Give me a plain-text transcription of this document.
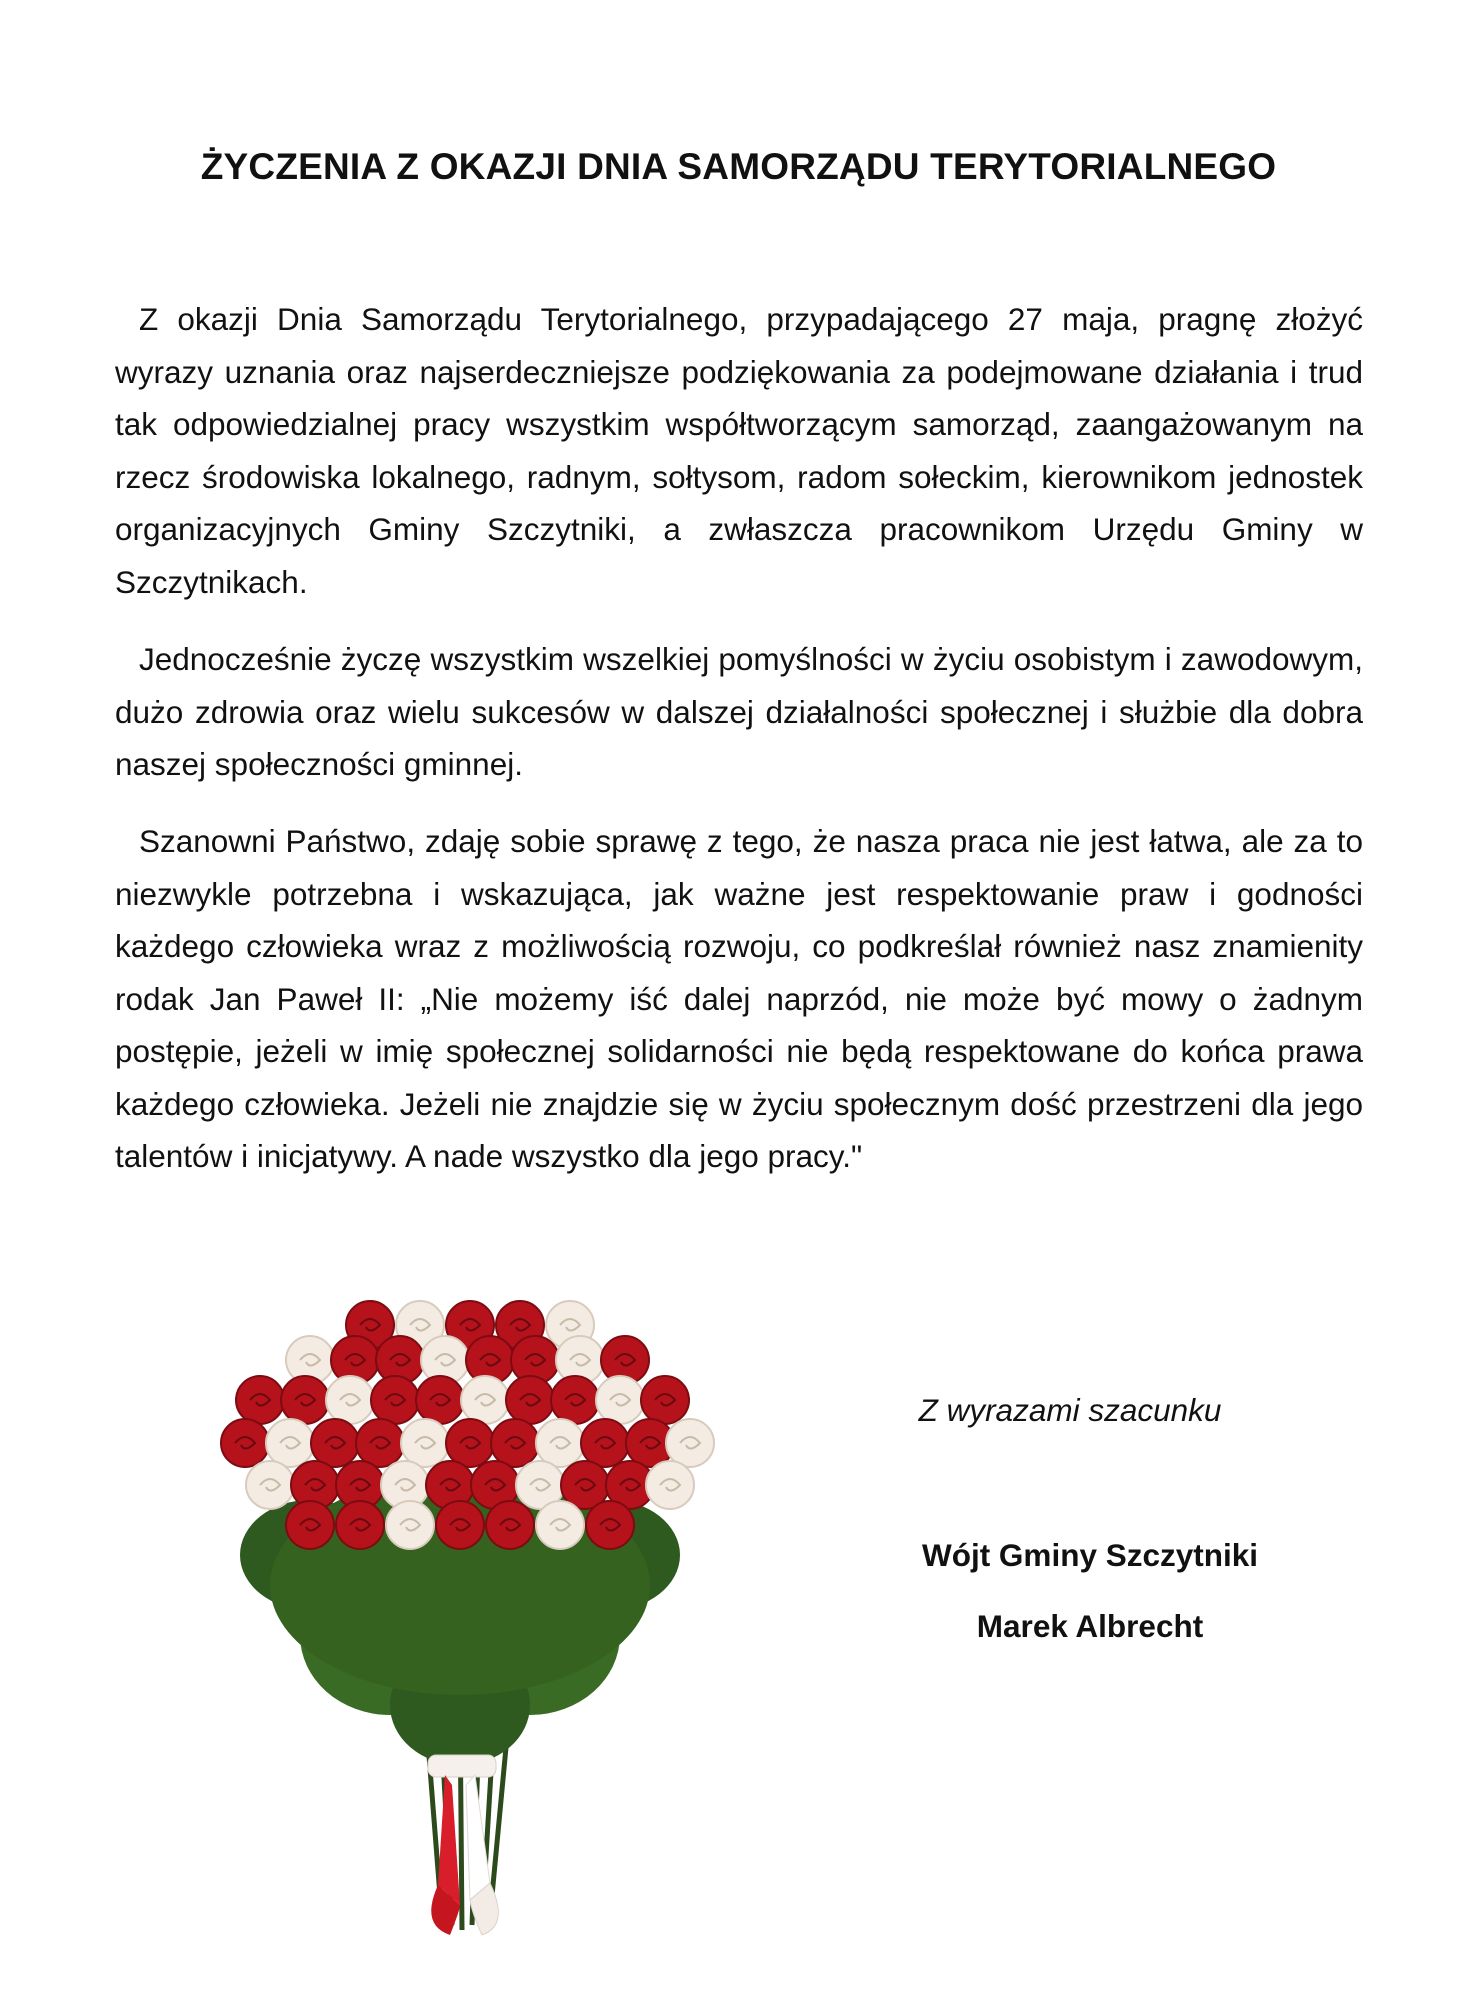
ŻYCZENIA Z OKAZJI DNIA SAMORZĄDU TERYTORIALNEGO

Z okazji Dnia Samorządu Terytorialnego, przypadającego 27 maja, pragnę złożyć wyrazy uznania oraz najserdeczniejsze podziękowania za podejmowane działania i trud tak odpowiedzialnej pracy wszystkim współtworzącym samorząd, zaangażowanym na rzecz środowiska lokalnego, radnym, sołtysom, radom sołeckim, kierownikom jednostek organizacyjnych Gminy Szczytniki, a zwłaszcza pracownikom Urzędu Gminy w Szczytnikach.

Jednocześnie życzę wszystkim wszelkiej pomyślności w życiu osobistym i zawodowym, dużo zdrowia oraz wielu sukcesów w dalszej działalności społecznej i służbie dla dobra naszej społeczności gminnej.

Szanowni Państwo, zdaję sobie sprawę z tego, że nasza praca nie jest łatwa, ale za to niezwykle potrzebna i wskazująca, jak ważne jest respektowanie praw i godności każdego człowieka wraz z możliwością rozwoju, co podkreślał również nasz znamienity rodak Jan Paweł II: „Nie możemy iść dalej naprzód, nie może być mowy o żadnym postępie, jeżeli w imię społecznej solidarności nie będą respektowane do końca prawa każdego człowieka. Jeżeli nie znajdzie się w życiu społecznym dość przestrzeni dla jego talentów i inicjatywy. A nade wszystko dla jego pracy."

Z wyrazami szacunku
Wójt Gminy Szczytniki
Marek Albrecht
